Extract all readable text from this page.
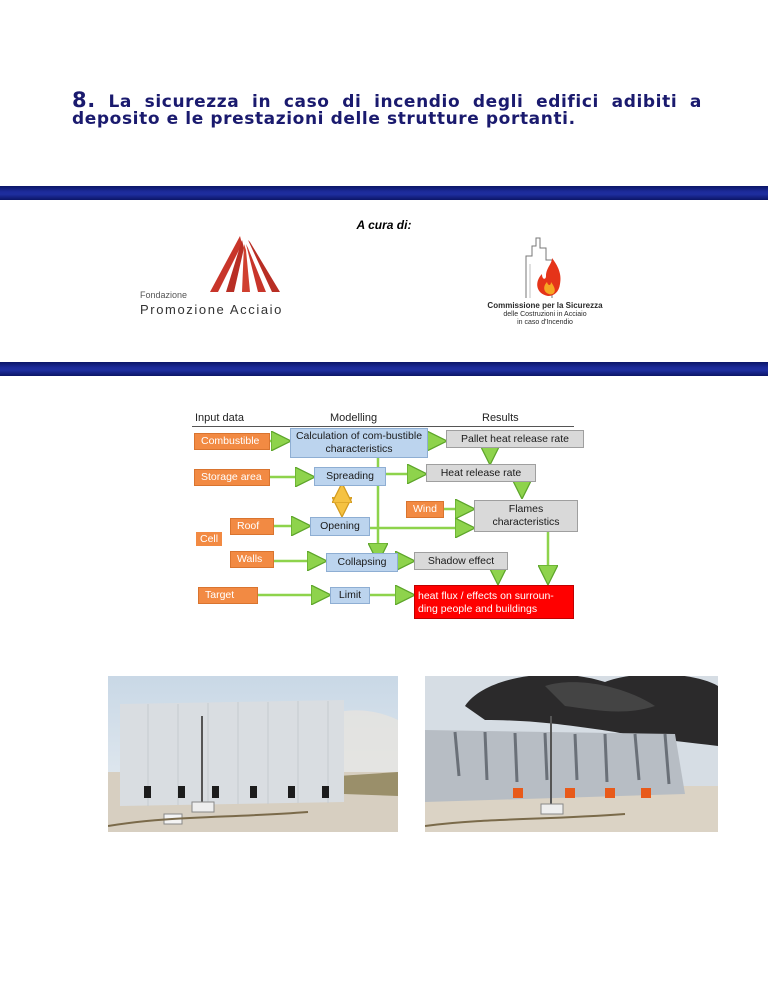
8. La sicurezza in caso di incendio degli edifici adibiti a deposito e le prestazioni delle strutture portanti.
A cura di:
Fondazione
Promozione Acciaio	Commissione per la Sicurezza
delle Costruzioni in Acciaio
in caso d'Incendio
Input data	Modelling	Results
Combustible
Storage area
Roof
Cell
Walls
Target
Wind
Calculation of com-bustible characteristics
Spreading
Opening
Collapsing
Limit
Pallet heat release rate
Heat release rate
Flames characteristics
Shadow effect
heat flux / effects on surroun-ding people and buildings
